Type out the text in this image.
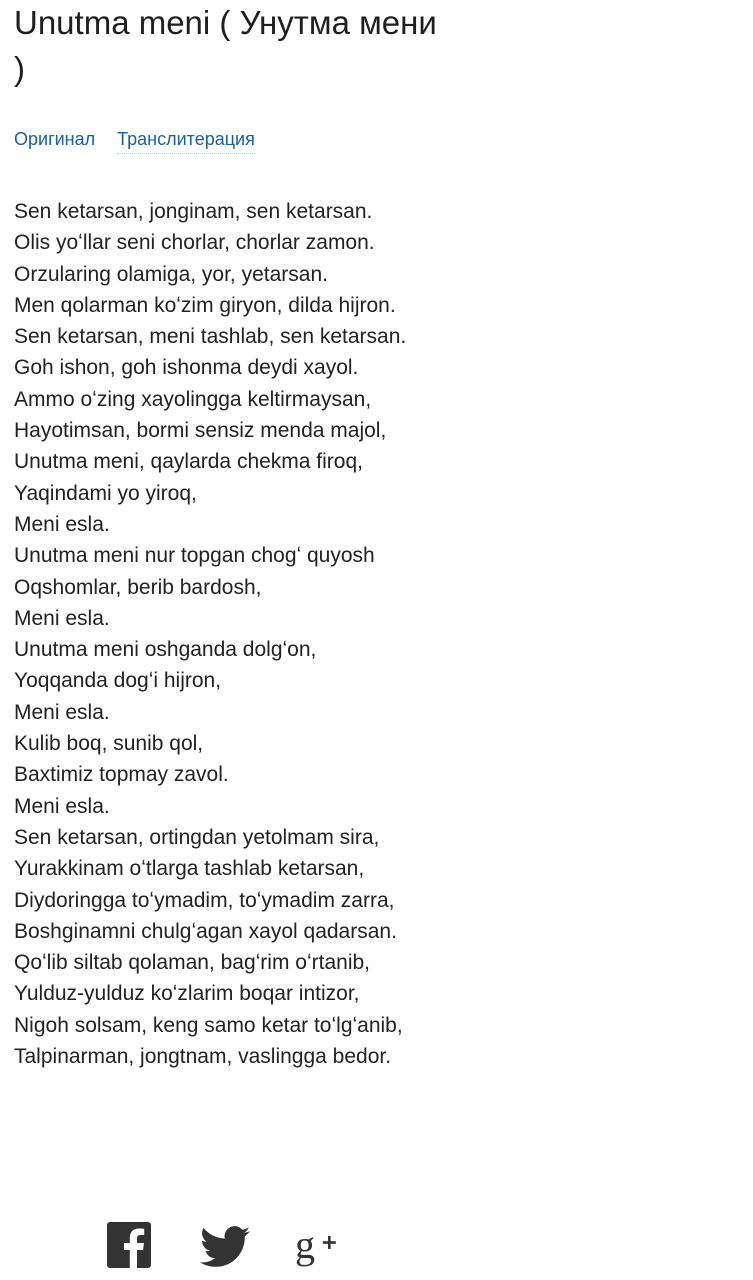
Unutma meni ( Унутма мени )
Оригинал Транслитерация
Sen ketarsan, jonginam, sen ketarsan.
Olis yoʻllar seni chorlar, chorlar zamon.
Orzularing olamiga, yor, yetarsan.
Men qolarman koʻzim giryon, dilda hijron.
Sen ketarsan, meni tashlab, sen ketarsan.
Goh ishon, goh ishonma deydi xayol.
Ammo oʻzing xayolingga keltirmaysan,
Hayotimsan, bormi sensiz menda majol,
Unutma meni, qaylarda chekma firoq,
Yaqindami yo yiroq,
Meni esla.
Unutma meni nur topgan chogʻ quyosh
Oqshomlar, berib bardosh,
Meni esla.
Unutma meni oshganda dolgʻon,
Yoqqanda dogʻi hijron,
Meni esla.
Kulib boq, sunib qol,
Baxtimiz topmay zavol.
Meni esla.
Sen ketarsan, ortingdan yetolmam sira,
Yurakkinam oʻtlarga tashlab ketarsan,
Diydoringga toʻymadim, toʻymadim zarra,
Boshginamni chulgʻagan xayol qadarsan.
Qoʻlib siltab qolaman, bagʻrim oʻrtanib,
Yulduz-yulduz koʻzlarim boqar intizor,
Nigoh solsam, keng samo ketar toʻlgʻanib,
Talpinarman, jongtnam, vaslingga bedor.
g
